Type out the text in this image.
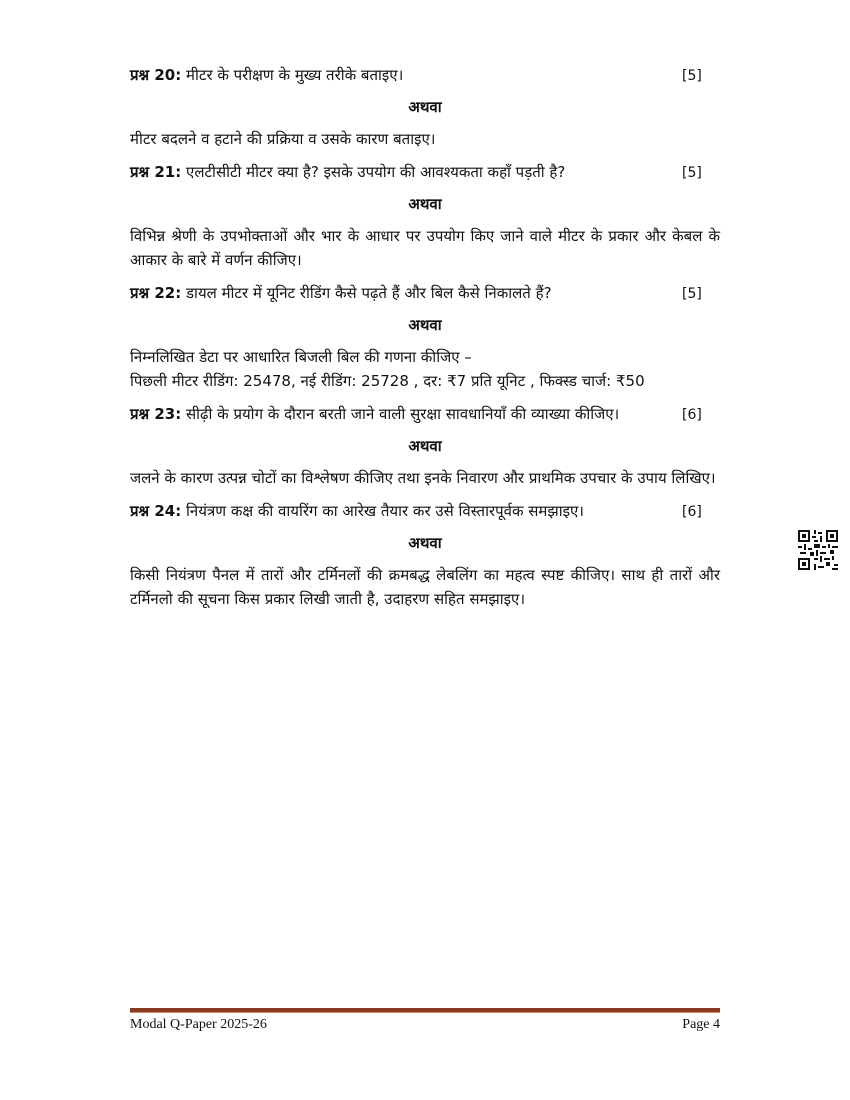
प्रश्न 20: मीटर के परीक्षण के मुख्य तरीके बताइए।	[5]
अथवा

मीटर बदलने व हटाने की प्रक्रिया व उसके कारण बताइए।

प्रश्न 21: एलटीसीटी मीटर क्या है? इसके उपयोग की आवश्यकता कहाँ पड़ती है?	[5]
अथवा

विभिन्न श्रेणी के उपभोक्ताओं और भार के आधार पर उपयोग किए जाने वाले मीटर के प्रकार और केबल के आकार के बारे में वर्णन कीजिए।

प्रश्न 22: डायल मीटर में यूनिट रीडिंग कैसे पढ़ते हैं और बिल कैसे निकालते हैं?	[5]
अथवा

निम्नलिखित डेटा पर आधारित बिजली बिल की गणना कीजिए –

पिछली मीटर रीडिंग: 25478, नई रीडिंग: 25728 , दर: ₹7 प्रति यूनिट , फिक्स्ड चार्ज: ₹50

प्रश्न 23: सीढ़ी के प्रयोग के दौरान बरती जाने वाली सुरक्षा सावधानियाँ की व्याख्या कीजिए।	[6]
अथवा

जलने के कारण उत्पन्न चोटों का विश्लेषण कीजिए तथा इनके निवारण और प्राथमिक उपचार के उपाय लिखिए।

प्रश्न 24: नियंत्रण कक्ष की वायरिंग का आरेख तैयार कर उसे विस्तारपूर्वक समझाइए।	[6]
अथवा

किसी नियंत्रण पैनल में तारों और टर्मिनलों की क्रमबद्ध लेबलिंग का महत्व स्पष्ट कीजिए। साथ ही तारों और टर्मिनलो की सूचना किस प्रकार लिखी जाती है, उदाहरण सहित समझाइए।

Modal Q-Paper 2025-26	Page 4
